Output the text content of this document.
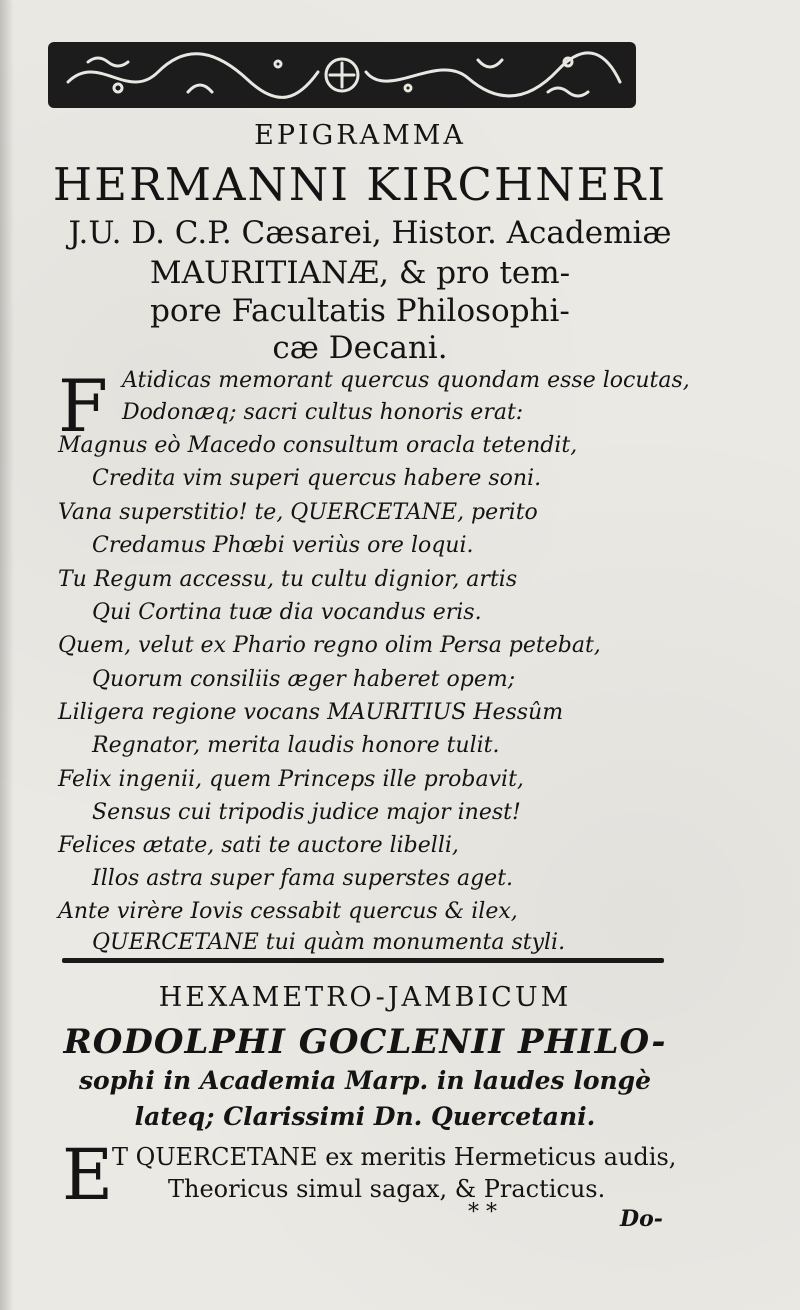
EPIGRAMMA
HERMANNI KIRCHNERI
J.U. D. C.P. Cæsarei, Histor. Academiæ
MAURITIANÆ, & pro tem-
pore Facultatis Philosophi-
cæ Decani.
F Atidicas memorant quercus quondam esse locutas,
Dodonæq; sacri cultus honoris erat:
Magnus eò Macedo consultum oracla tetendit,
Credita vim superi quercus habere soni.
Vana superstitio! te, QUERCETANE, perito
Credamus Phœbi veriùs ore loqui.
Tu Regum accessu, tu cultu dignior, artis
Qui Cortina tuæ dia vocandus eris.
Quem, velut ex Phario regno olim Persa petebat,
Quorum consiliis æger haberet opem;
Liligera regione vocans MAURITIUS Hessûm
Regnator, merita laudis honore tulit.
Felix ingenii, quem Princeps ille probavit,
Sensus cui tripodis judice major inest!
Felices ætate, sati te auctore libelli,
Illos astra super fama superstes aget.
Ante virère Iovis cessabit quercus & ilex,
QUERCETANE tui quàm monumenta styli.
HEXAMETRO-JAMBICUM
RODOLPHI GOCLENII PHILO-
sophi in Academia Marp. in laudes longè
lateq; Clarissimi Dn. Quercetani.
E
T QUERCETANE ex meritis Hermeticus audis,
Theoricus simul sagax, & Practicus.
* *	Do-
